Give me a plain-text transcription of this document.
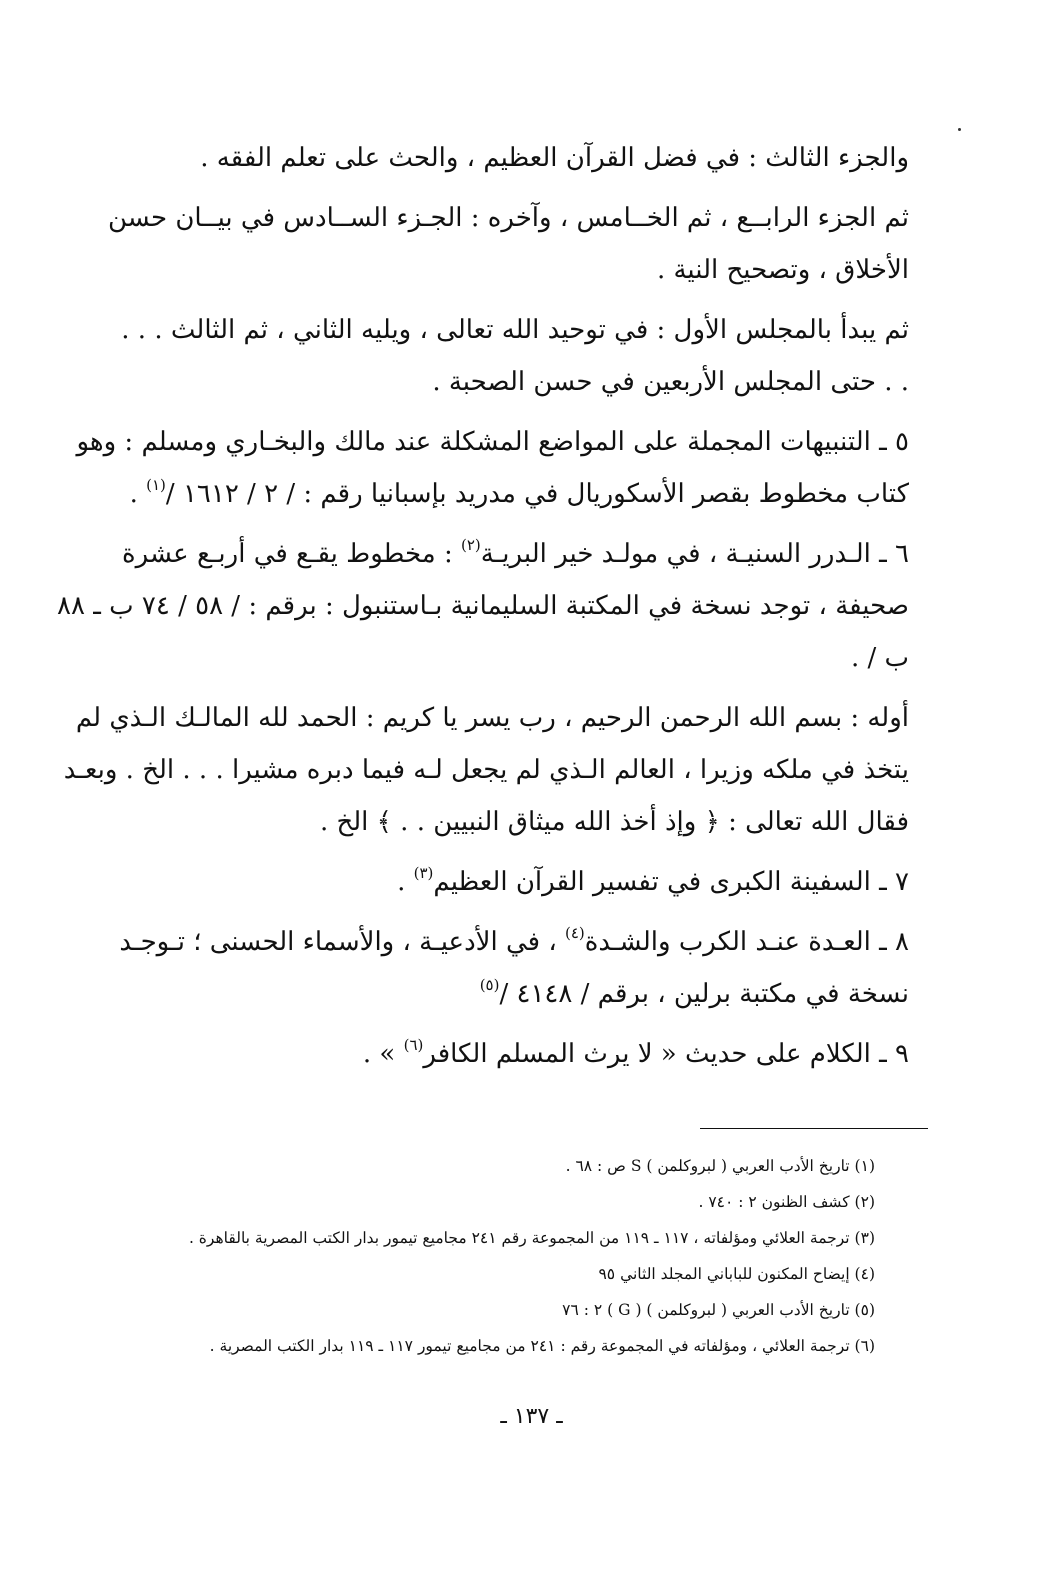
والجزء الثالث : في فضل القرآن العظيم ، والحث على تعلم الفقه .

ثم الجزء الرابــع ، ثم الخــامس ، وآخره : الجـزء الســادس في بيــان حسن
الأخلاق ، وتصحيح النية .

ثم يبدأ بالمجلس الأول : في توحيد الله تعالى ، ويليه الثاني ، ثم الثالث . . .
. . حتى المجلس الأربعين في حسن الصحبة .

٥ ـ التنبيهات المجملة على المواضع المشكلة عند مالك والبخـاري ومسلم : وهو
كتاب مخطوط بقصر الأسكوريال في مدريد بإسبانيا رقم : / ٢ / ١٦١٢ /$^{(١)}$ .

٦ ـ الـدرر السنيـة ، في مولـد خير البريـة$^{(٢)}$ : مخطوط يقـع في أربـع عشرة
صحيفة ، توجد نسخة في المكتبة السليمانية بـاستنبول : برقم : / ٥٨ / ٧٤ ب ـ ٨٨
ب / .

أوله : بسم الله الرحمن الرحيم ، رب يسر يا كريم : الحمد لله المالـك الـذي لم
يتخذ في ملكه وزيرا ، العالم الـذي لم يجعل لـه فيما دبره مشيرا . . . الخ . وبعـد
فقال الله تعالى : ﴿ وإذ أخذ الله ميثاق النبيين . . ﴾ الخ .

٧ ـ السفينة الكبرى في تفسير القرآن العظيم$^{(٣)}$ .

٨ ـ العـدة عنـد الكرب والشـدة$^{(٤)}$ ، في الأدعيـة ، والأسماء الحسنى ؛ تـوجـد
نسخة في مكتبة برلين ، برقم / ٤١٤٨ /$^{(٥)}$

٩ ـ الكلام على حديث « لا يرث المسلم الكافر$^{(٦)}$ » .

(١) تاريخ الأدب العربي ( لبروكلمن ) S ص : ٦٨ .
(٢) كشف الظنون ٢ : ٧٤٠ .
(٣) ترجمة العلائي ومؤلفاته ، ١١٧ ـ ١١٩ من المجموعة رقم ٢٤١ مجاميع تيمور بدار الكتب المصرية بالقاهرة .
(٤) إيضاح المكنون للباباني المجلد الثاني ٩٥
(٥) تاريخ الأدب العربي ( لبروكلمن ) ( G ) ٢ : ٧٦
(٦) ترجمة العلائي ، ومؤلفاته في المجموعة رقم : ٢٤١ من مجاميع تيمور ١١٧ ـ ١١٩ بدار الكتب المصرية .
ـ ١٣٧ ـ
